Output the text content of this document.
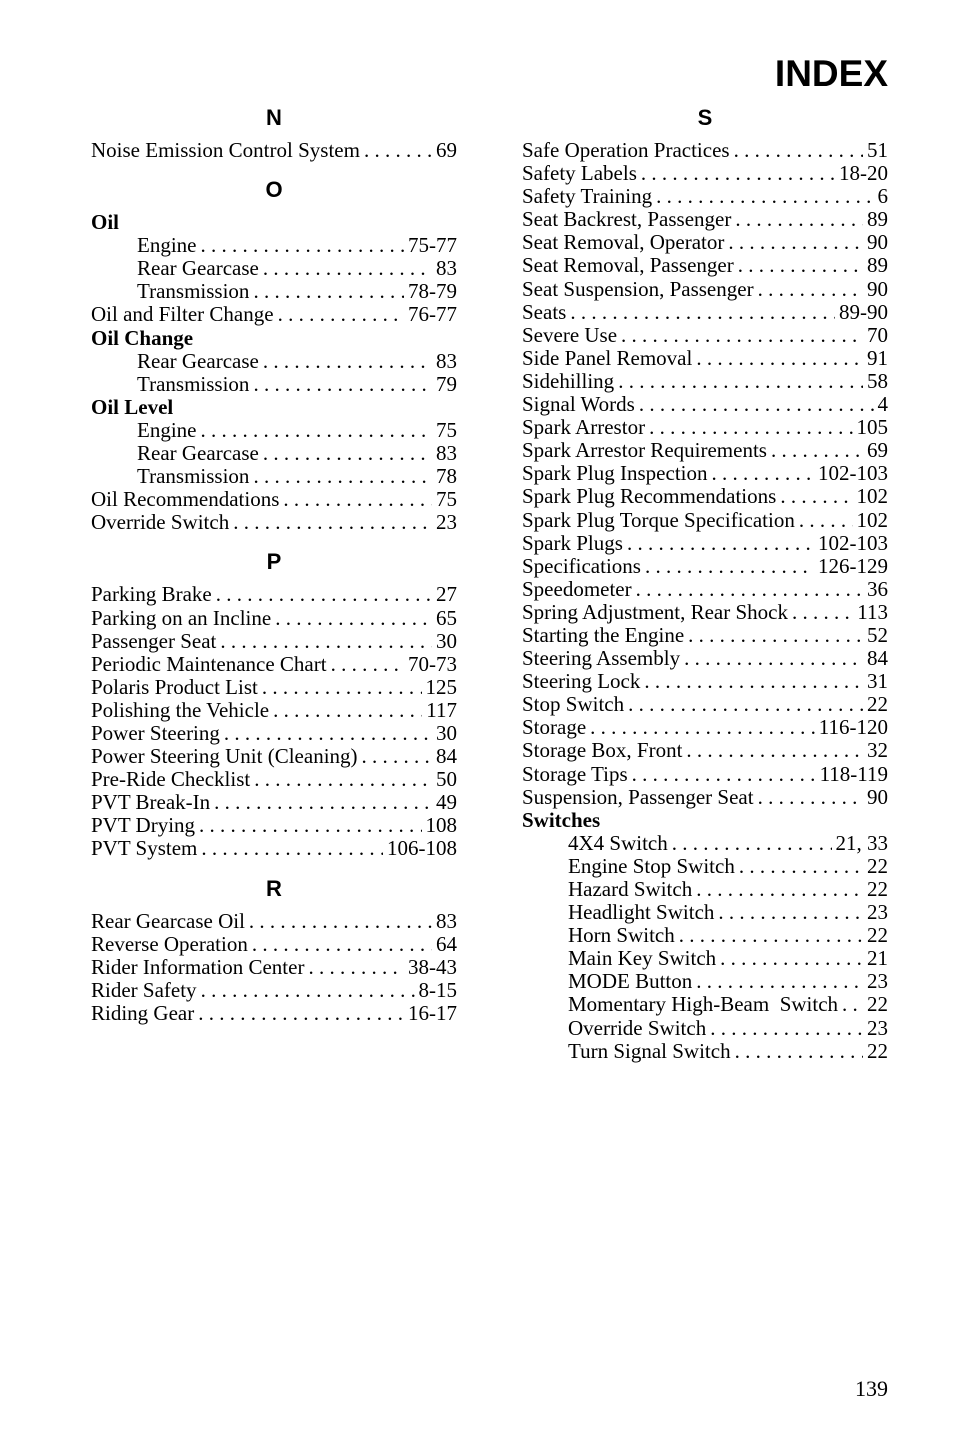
INDEX
N
Noise Emission Control System . . .	69
O
Oil
Engine . . .	75-77
Rear Gearcase . . .	83
Transmission . . .	78-79
Oil and Filter Change . . .	76-77
Oil Change
Rear Gearcase . . .	83
Transmission . . .	79
Oil Level
Engine . . .	75
Rear Gearcase . . .	83
Transmission . . .	78
Oil Recommendations . . .	75
Override Switch . . .	23
P
Parking Brake . . .	27
Parking on an Incline . . .	65
Passenger Seat . . .	30
Periodic Maintenance Chart . . .	70-73
Polaris Product List . . .	125
Polishing the Vehicle . . .	117
Power Steering . . .	30
Power Steering Unit (Cleaning) . . .	84
Pre-Ride Checklist . . .	50
PVT Break-In . . .	49
PVT Drying . . .	108
PVT System . . .	106-108
R
Rear Gearcase Oil . . .	83
Reverse Operation . . .	64
Rider Information Center . . .	38-43
Rider Safety . . .	8-15
Riding Gear . . .	16-17
S
Safe Operation Practices . . .	51
Safety Labels . . .	18-20
Safety Training . . .	6
Seat Backrest, Passenger . . .	89
Seat Removal, Operator . . .	90
Seat Removal, Passenger . . .	89
Seat Suspension, Passenger . . .	90
Seats . . .	89-90
Severe Use . . .	70
Side Panel Removal . . .	91
Sidehilling . . .	58
Signal Words . . .	4
Spark Arrestor . . .	105
Spark Arrestor Requirements . . .	69
Spark Plug Inspection . . .	102-103
Spark Plug Recommendations . . .	102
Spark Plug Torque Specification . . .	102
Spark Plugs . . .	102-103
Specifications . . .	126-129
Speedometer . . .	36
Spring Adjustment, Rear Shock . . .	113
Starting the Engine . . .	52
Steering Assembly . . .	84
Steering Lock . . .	31
Stop Switch . . .	22
Storage . . .	116-120
Storage Box, Front . . .	32
Storage Tips . . .	118-119
Suspension, Passenger Seat . . .	90
Switches
4X4 Switch . . .	21, 33
Engine Stop Switch . . .	22
Hazard Switch . . .	22
Headlight Switch . . .	23
Horn Switch . . .	22
Main Key Switch . . .	21
MODE Button . . .	23
Momentary High-Beam  Switch . . . 22
Override Switch . . .	23
Turn Signal Switch . . .	22
139
